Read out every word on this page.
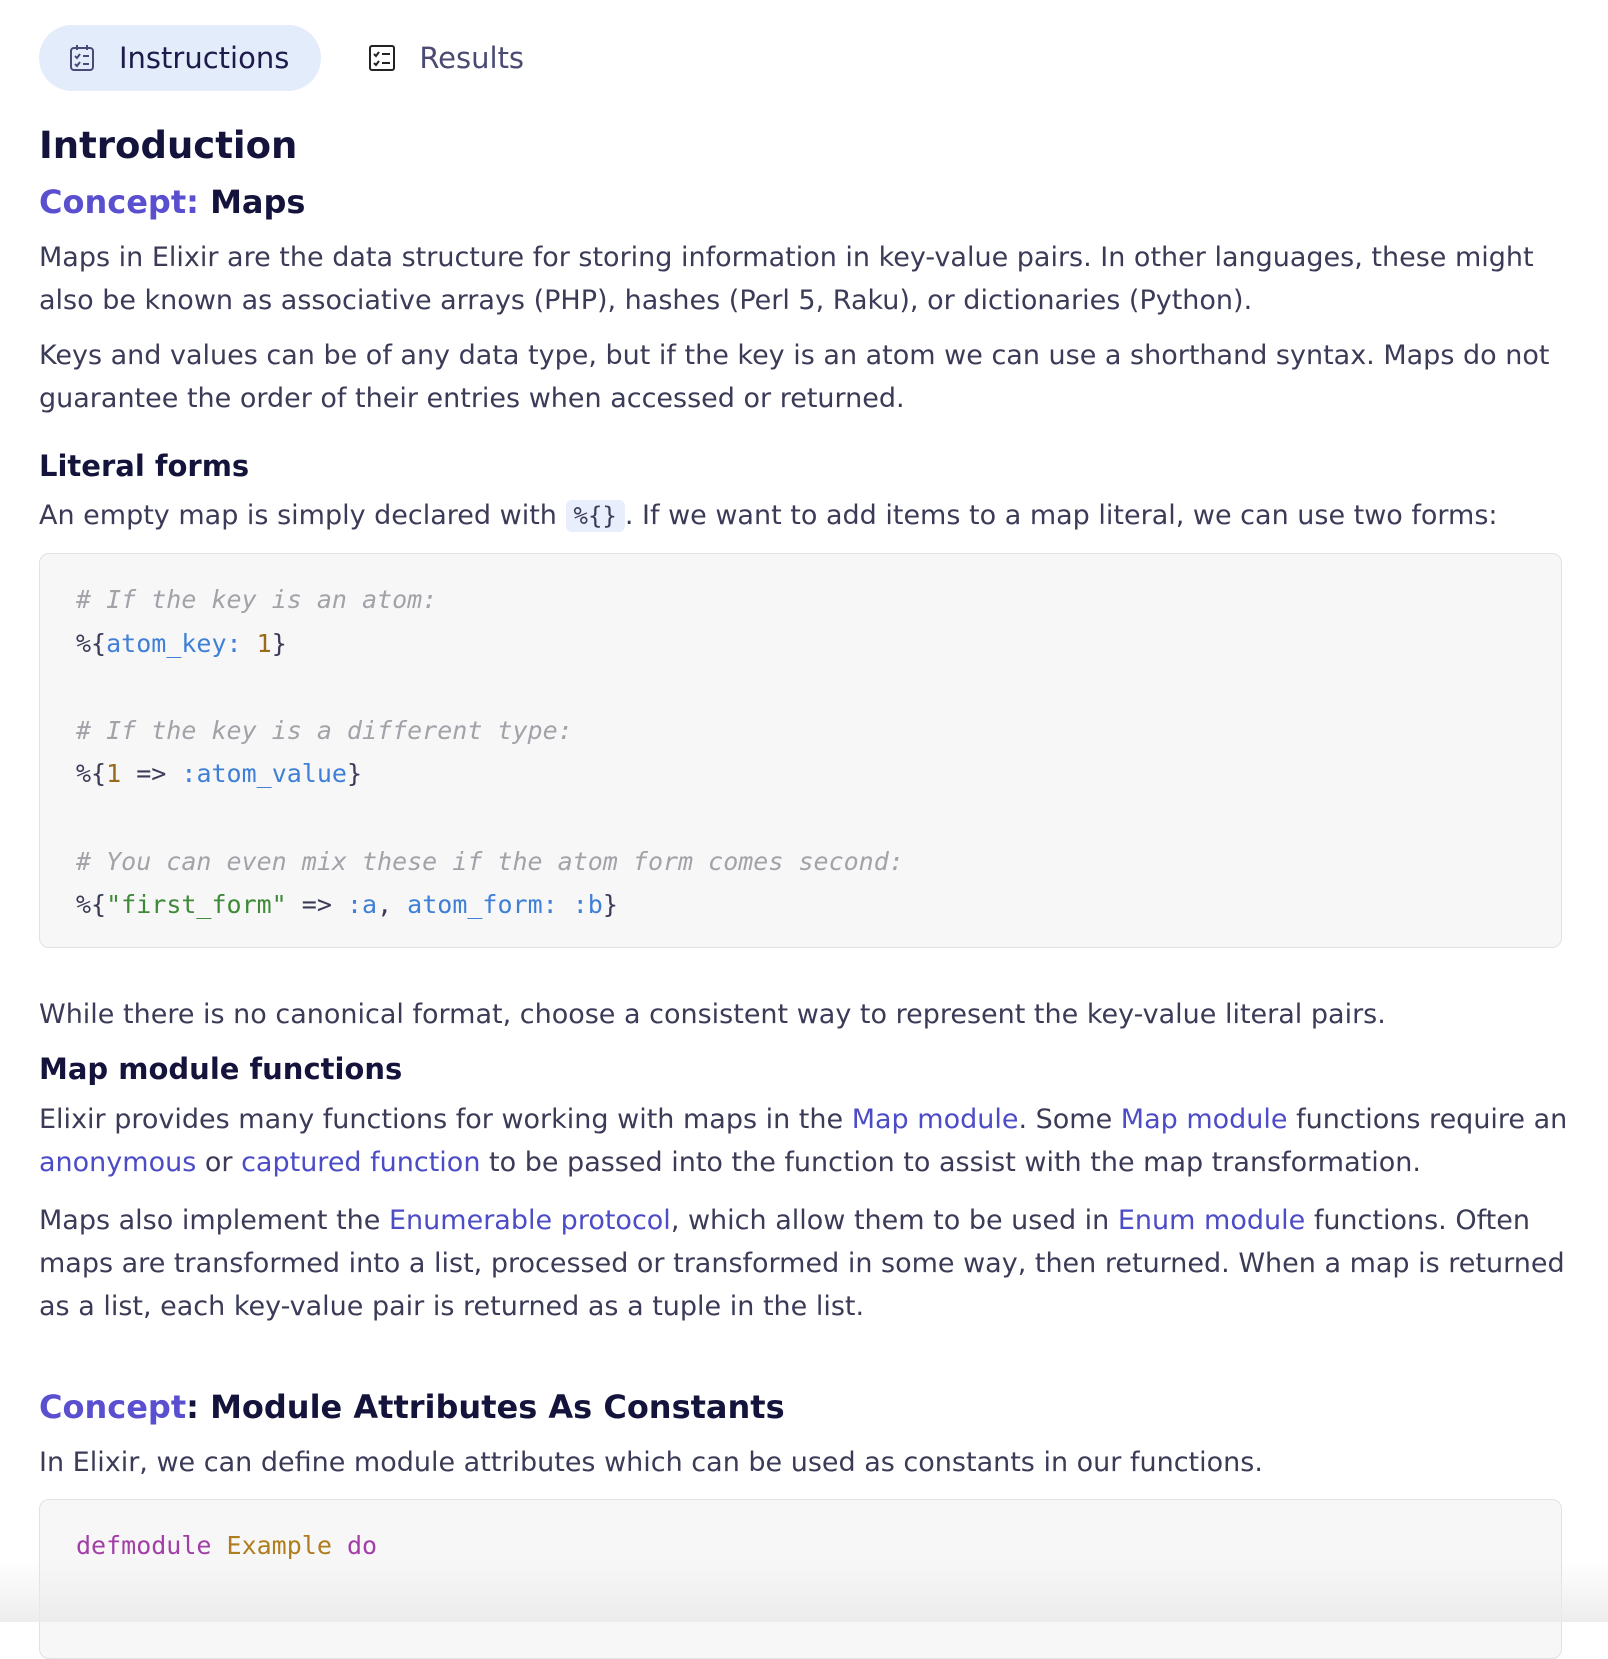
Instructions	Results
Introduction
Concept: Maps

Maps in Elixir are the data structure for storing information in key-value pairs. In other languages, these might also be known as associative arrays (PHP), hashes (Perl 5, Raku), or dictionaries (Python).

Keys and values can be of any data type, but if the key is an atom we can use a shorthand syntax. Maps do not guarantee the order of their entries when accessed or returned.

Literal forms

An empty map is simply declared with %{} . If we want to add items to a map literal, we can use two forms:

# If the key is an atom:
%{atom_key: 1}
# If the key is a different type:
%{1 => :atom_value}
# You can even mix these if the atom form comes second:
%{"first_form" => :a, atom_form: :b}

While there is no canonical format, choose a consistent way to represent the key-value literal pairs.

Map module functions

Elixir provides many functions for working with maps in the Map module. Some Map module functions require an anonymous or captured function to be passed into the function to assist with the map transformation.

Maps also implement the Enumerable protocol, which allow them to be used in Enum module functions. Often maps are transformed into a list, processed or transformed in some way, then returned. When a map is returned as a list, each key-value pair is returned as a tuple in the list.

Concept: Module Attributes As Constants

In Elixir, we can define module attributes which can be used as constants in our functions.

defmodule Example do
